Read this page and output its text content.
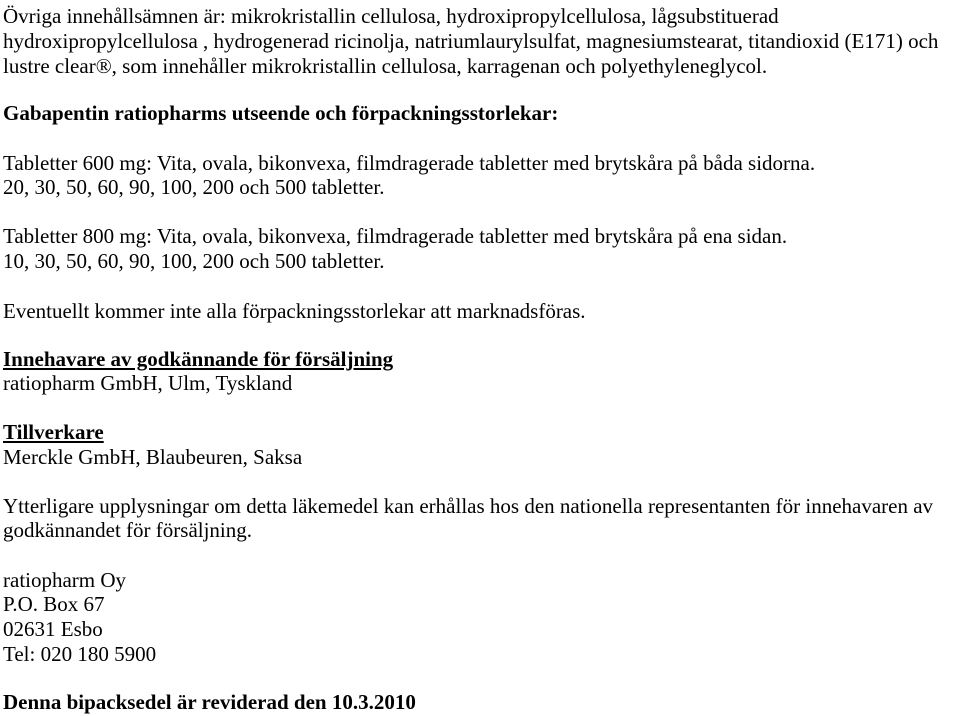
Övriga innehållsämnen är: mikrokristallin cellulosa, hydroxipropylcellulosa, lågsubstituerad
hydroxipropylcellulosa , hydrogenerad ricinolja, natriumlaurylsulfat, magnesiumstearat, titandioxid (E171) och
lustre clear®, som innehåller mikrokristallin cellulosa, karragenan och polyethyleneglycol.
Gabapentin ratiopharms utseende och förpackningsstorlekar:
Tabletter 600 mg: Vita, ovala, bikonvexa, filmdragerade tabletter med brytskåra på båda sidorna.
20, 30, 50, 60, 90, 100, 200 och 500 tabletter.
Tabletter 800 mg: Vita, ovala, bikonvexa, filmdragerade tabletter med brytskåra på ena sidan.
10, 30, 50, 60, 90, 100, 200 och 500 tabletter.
Eventuellt kommer inte alla förpackningsstorlekar att marknadsföras.
Innehavare av godkännande för försäljning
ratiopharm GmbH, Ulm, Tyskland
Tillverkare
Merckle GmbH, Blaubeuren, Saksa
Ytterligare upplysningar om detta läkemedel kan erhållas hos den nationella representanten för innehavaren av
godkännandet för försäljning.
ratiopharm Oy
P.O. Box 67
02631 Esbo
Tel: 020 180 5900
Denna bipacksedel är reviderad den 10.3.2010
